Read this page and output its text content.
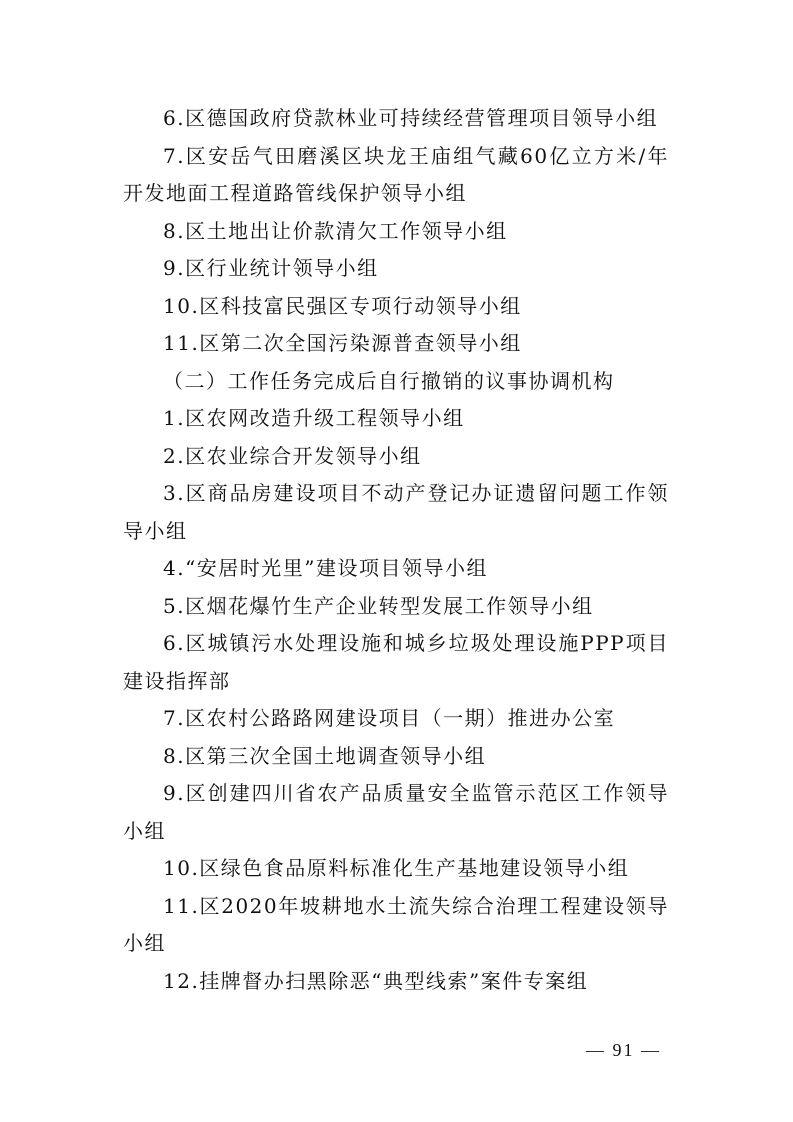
6.区德国政府贷款林业可持续经营管理项目领导小组

7.区安岳气田磨溪区块龙王庙组气藏60亿立方米/年开发地面工程道路管线保护领导小组

8.区土地出让价款清欠工作领导小组

9.区行业统计领导小组

10.区科技富民强区专项行动领导小组

11.区第二次全国污染源普查领导小组

（二）工作任务完成后自行撤销的议事协调机构

1.区农网改造升级工程领导小组

2.区农业综合开发领导小组

3.区商品房建设项目不动产登记办证遗留问题工作领导小组

4.“安居时光里”建设项目领导小组

5.区烟花爆竹生产企业转型发展工作领导小组

6.区城镇污水处理设施和城乡垃圾处理设施PPP项目建设指挥部

7.区农村公路路网建设项目（一期）推进办公室

8.区第三次全国土地调查领导小组

9.区创建四川省农产品质量安全监管示范区工作领导小组

10.区绿色食品原料标准化生产基地建设领导小组

11.区2020年坡耕地水土流失综合治理工程建设领导小组

12.挂牌督办扫黑除恶“典型线索”案件专案组

— 91 —
